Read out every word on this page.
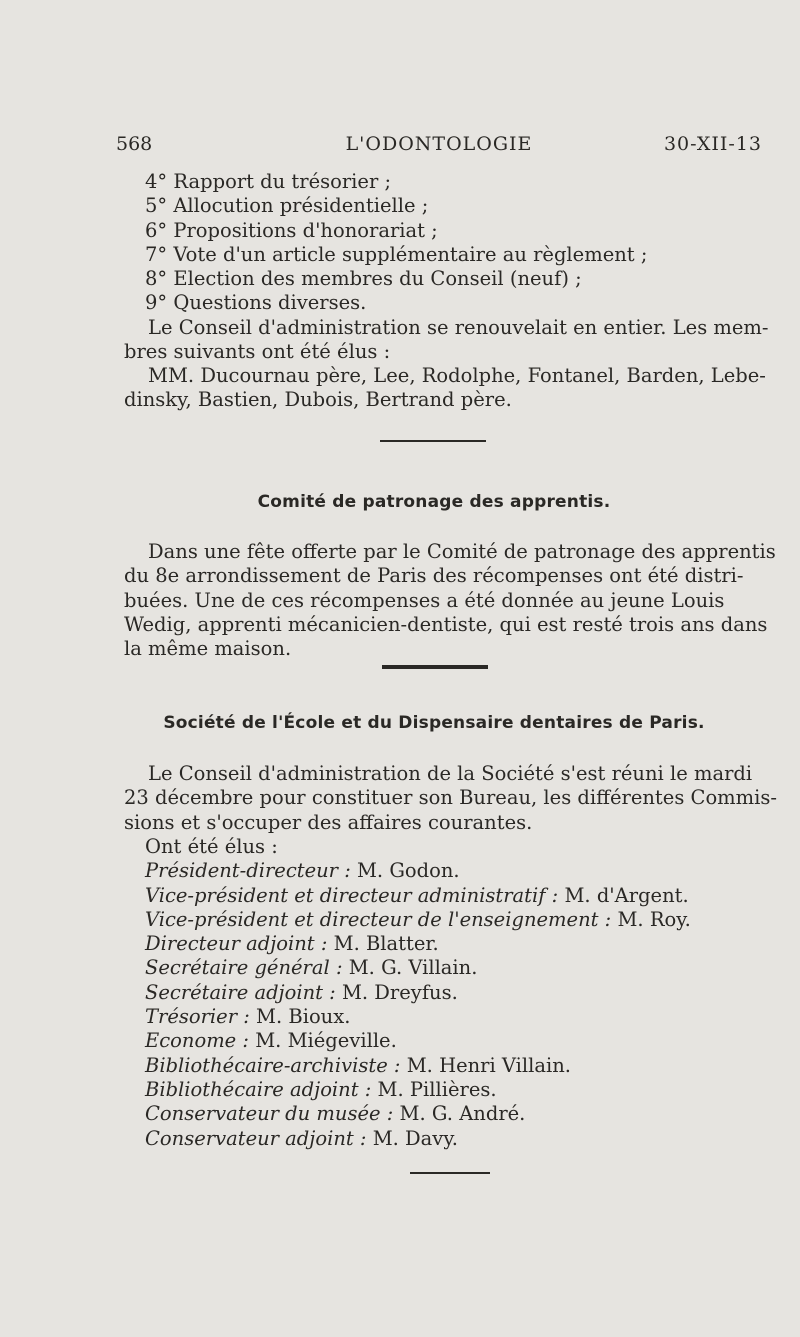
568	L'ODONTOLOGIE	30-XII-13
4° Rapport du trésorier ;
5° Allocution présidentielle ;
6° Propositions d'honorariat ;
7° Vote d'un article supplémentaire au règlement ;
8° Election des membres du Conseil (neuf) ;
9° Questions diverses.
Le Conseil d'administration se renouvelait en entier. Les mem-
bres suivants ont été élus :
MM. Ducournau père, Lee, Rodolphe, Fontanel, Barden, Lebe-
dinsky, Bastien, Dubois, Bertrand père.
Comité de patronage des apprentis.
Dans une fête offerte par le Comité de patronage des apprentis
du 8e arrondissement de Paris des récompenses ont été distri-
buées. Une de ces récompenses a été donnée au jeune Louis
Wedig, apprenti mécanicien-dentiste, qui est resté trois ans dans
la même maison.
Société de l'École et du Dispensaire dentaires de Paris.
Le Conseil d'administration de la Société s'est réuni le mardi
23 décembre pour constituer son Bureau, les différentes Commis-
sions et s'occuper des affaires courantes.
Ont été élus :
Président-directeur : M. Godon.
Vice-président et directeur administratif : M. d'Argent.
Vice-président et directeur de l'enseignement : M. Roy.
Directeur adjoint : M. Blatter.
Secrétaire général : M. G. Villain.
Secrétaire adjoint : M. Dreyfus.
Trésorier : M. Bioux.
Econome : M. Miégeville.
Bibliothécaire-archiviste : M. Henri Villain.
Bibliothécaire adjoint : M. Pillières.
Conservateur du musée : M. G. André.
Conservateur adjoint : M. Davy.
